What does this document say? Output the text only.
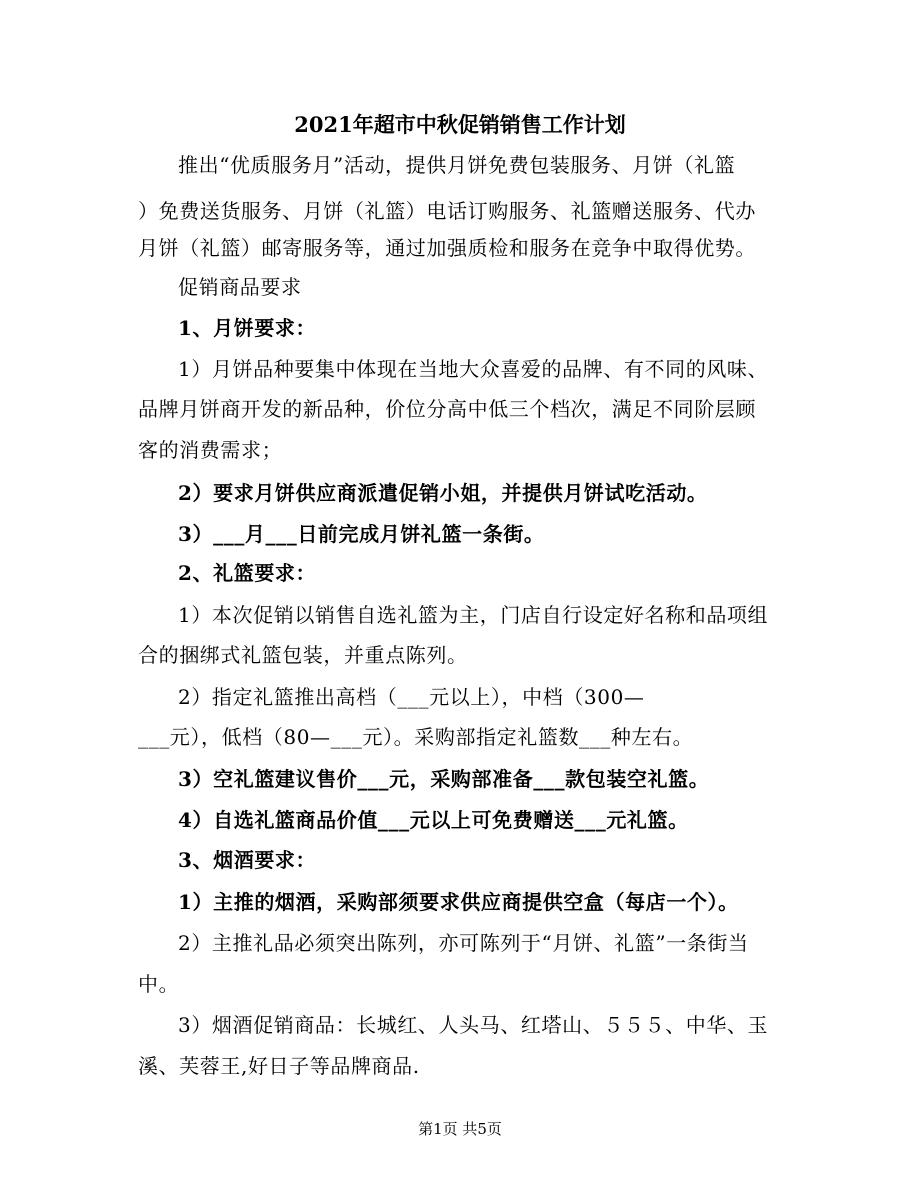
2021年超市中秋促销销售工作计划
推出“优质服务月”活动，提供月饼免费包装服务、月饼（礼篮
）免费送货服务、月饼（礼篮）电话订购服务、礼篮赠送服务、代办
月饼（礼篮）邮寄服务等，通过加强质检和服务在竞争中取得优势。
促销商品要求
1、月饼要求：
1）月饼品种要集中体现在当地大众喜爱的品牌、有不同的风味、
品牌月饼商开发的新品种，价位分高中低三个档次，满足不同阶层顾
客的消费需求；
2）要求月饼供应商派遣促销小姐，并提供月饼试吃活动。
3）___月___日前完成月饼礼篮一条街。
2、礼篮要求：
1）本次促销以销售自选礼篮为主，门店自行设定好名称和品项组
合的捆绑式礼篮包装，并重点陈列。
2）指定礼篮推出高档（___元以上），中档（300—
___元），低档（80—___元）。采购部指定礼篮数___种左右。
3）空礼篮建议售价___元，采购部准备___款包装空礼篮。
4）自选礼篮商品价值___元以上可免费赠送___元礼篮。
3、烟酒要求：
1）主推的烟酒，采购部须要求供应商提供空盒（每店一个）。
2）主推礼品必须突出陈列，亦可陈列于“月饼、礼篮”一条街当
中。
3）烟酒促销商品：长城红、人头马、红塔山、５５５、中华、玉
溪、芙蓉王,好日子等品牌商品.
第1页 共5页
